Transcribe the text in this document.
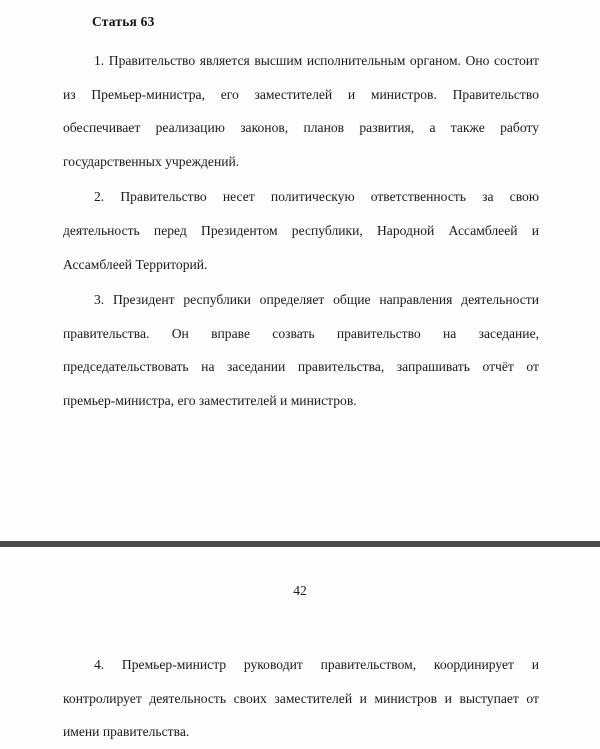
Статья 63

1. Правительство является высшим исполнительным органом. Оно состоит из Премьер-министра, его заместителей и министров. Правительство обеспечивает реализацию законов, планов развития, а также работу государственных учреждений.

2. Правительство несет политическую ответственность за свою деятельность перед Президентом республики, Народной Ассамблеей и Ассамблеей Территорий.

3. Президент республики определяет общие направления деятельности правительства. Он вправе созвать правительство на заседание, председательствовать на заседании правительства, запрашивать отчёт от премьер-министра, его заместителей и министров.

42

4. Премьер-министр руководит правительством, координирует и контролирует деятельность своих заместителей и министров и выступает от имени правительства.
